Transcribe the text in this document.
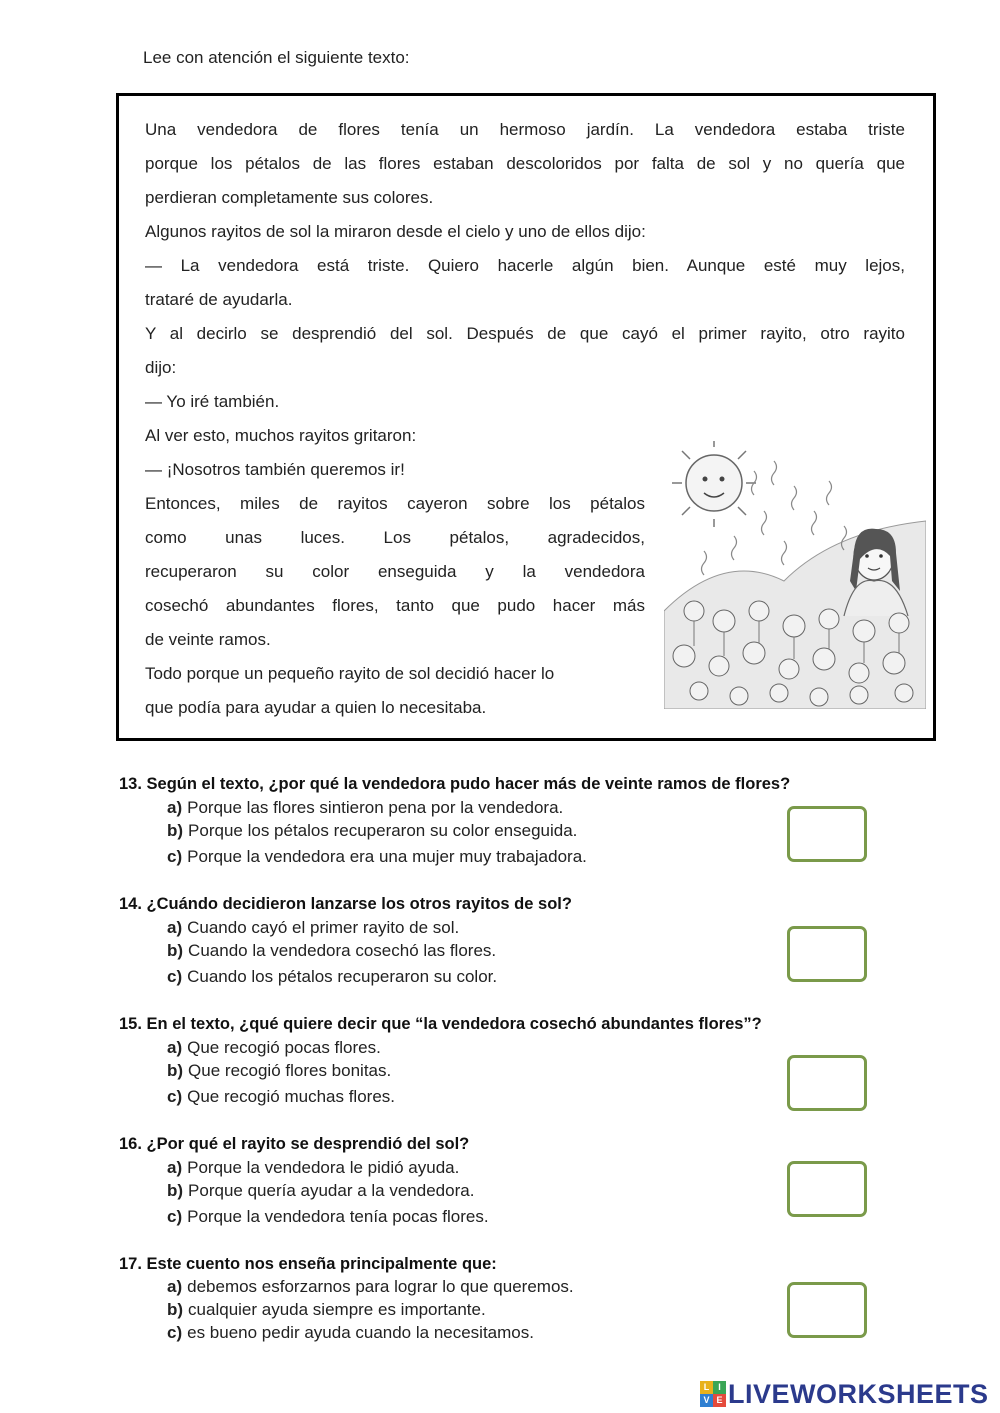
Lee con atención el siguiente texto:
Una vendedora de flores tenía un hermoso jardín. La vendedora estaba triste
porque los pétalos de las flores estaban descoloridos por falta de sol y no quería que
perdieran completamente sus colores.
Algunos rayitos de sol la miraron desde el cielo y uno de ellos dijo:
— La vendedora está triste. Quiero hacerle algún bien. Aunque esté muy lejos,
trataré de ayudarla.
Y al decirlo se desprendió del sol. Después de que cayó el primer rayito, otro rayito
dijo:
— Yo iré también.
Al ver esto, muchos rayitos gritaron:
— ¡Nosotros también queremos ir!
Entonces, miles de rayitos cayeron sobre los pétalos
como unas luces. Los pétalos, agradecidos,
recuperaron su color enseguida y la vendedora
cosechó abundantes flores, tanto que pudo hacer más
de veinte ramos.
Todo porque un pequeño rayito de sol decidió hacer lo
que podía para ayudar a quien lo necesitaba.
13. Según el texto, ¿por qué la vendedora pudo hacer más de veinte ramos de flores?
a) Porque las flores sintieron pena por la vendedora.
b) Porque los pétalos recuperaron su color enseguida.
c) Porque la vendedora era una mujer muy trabajadora.
14. ¿Cuándo decidieron lanzarse los otros rayitos de sol?
a) Cuando cayó el primer rayito de sol.
b) Cuando la vendedora cosechó las flores.
c) Cuando los pétalos recuperaron su color.
15. En el texto, ¿qué quiere decir que “la vendedora cosechó abundantes flores”?
a) Que recogió pocas flores.
b) Que recogió flores bonitas.
c) Que recogió muchas flores.
16. ¿Por qué el rayito se desprendió del sol?
a) Porque la vendedora le pidió ayuda.
b) Porque quería ayudar a la vendedora.
c) Porque la vendedora tenía pocas flores.
17. Este cuento nos enseña principalmente que:
a) debemos esforzarnos para lograr lo que queremos.
b) cualquier ayuda siempre es importante.
c) es bueno pedir ayuda cuando la necesitamos.
L I
V E LIVEWORKSHEETS
